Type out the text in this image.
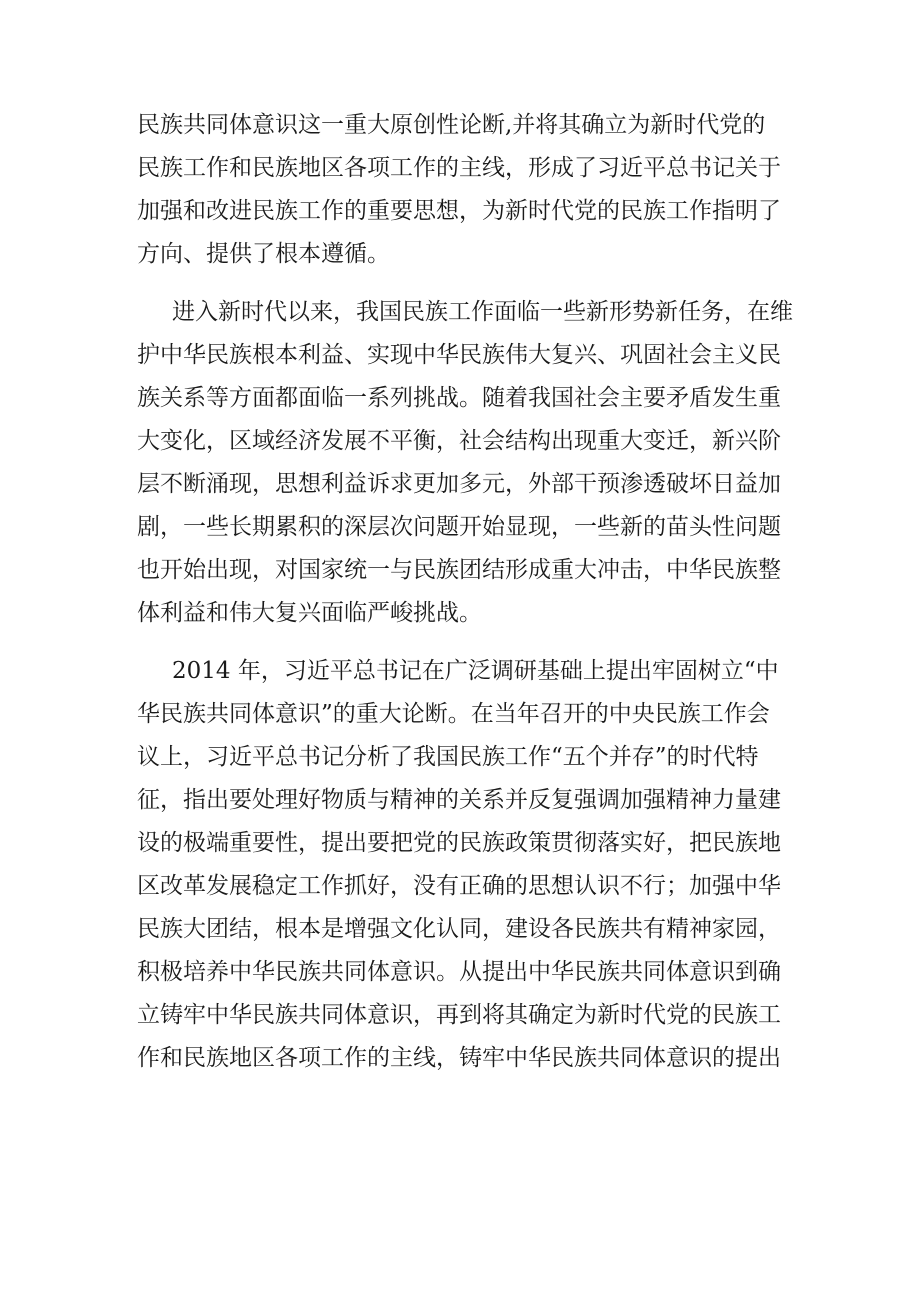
民族共同体意识这一重大原创性论断,并将其确立为新时代党的
民族工作和民族地区各项工作的主线，形成了习近平总书记关于
加强和改进民族工作的重要思想，为新时代党的民族工作指明了
方向、提供了根本遵循。
进入新时代以来，我国民族工作面临一些新形势新任务，在维
护中华民族根本利益、实现中华民族伟大复兴、巩固社会主义民
族关系等方面都面临一系列挑战。随着我国社会主要矛盾发生重
大变化，区域经济发展不平衡，社会结构出现重大变迁，新兴阶
层不断涌现，思想利益诉求更加多元，外部干预渗透破坏日益加
剧，一些长期累积的深层次问题开始显现，一些新的苗头性问题
也开始出现，对国家统一与民族团结形成重大冲击，中华民族整
体利益和伟大复兴面临严峻挑战。
2014 年，习近平总书记在广泛调研基础上提出牢固树立“中
华民族共同体意识”的重大论断。在当年召开的中央民族工作会
议上，习近平总书记分析了我国民族工作“五个并存”的时代特
征，指出要处理好物质与精神的关系并反复强调加强精神力量建
设的极端重要性，提出要把党的民族政策贯彻落实好，把民族地
区改革发展稳定工作抓好，没有正确的思想认识不行；加强中华
民族大团结，根本是增强文化认同，建设各民族共有精神家园，
积极培养中华民族共同体意识。从提出中华民族共同体意识到确
立铸牢中华民族共同体意识，再到将其确定为新时代党的民族工
作和民族地区各项工作的主线，铸牢中华民族共同体意识的提出
